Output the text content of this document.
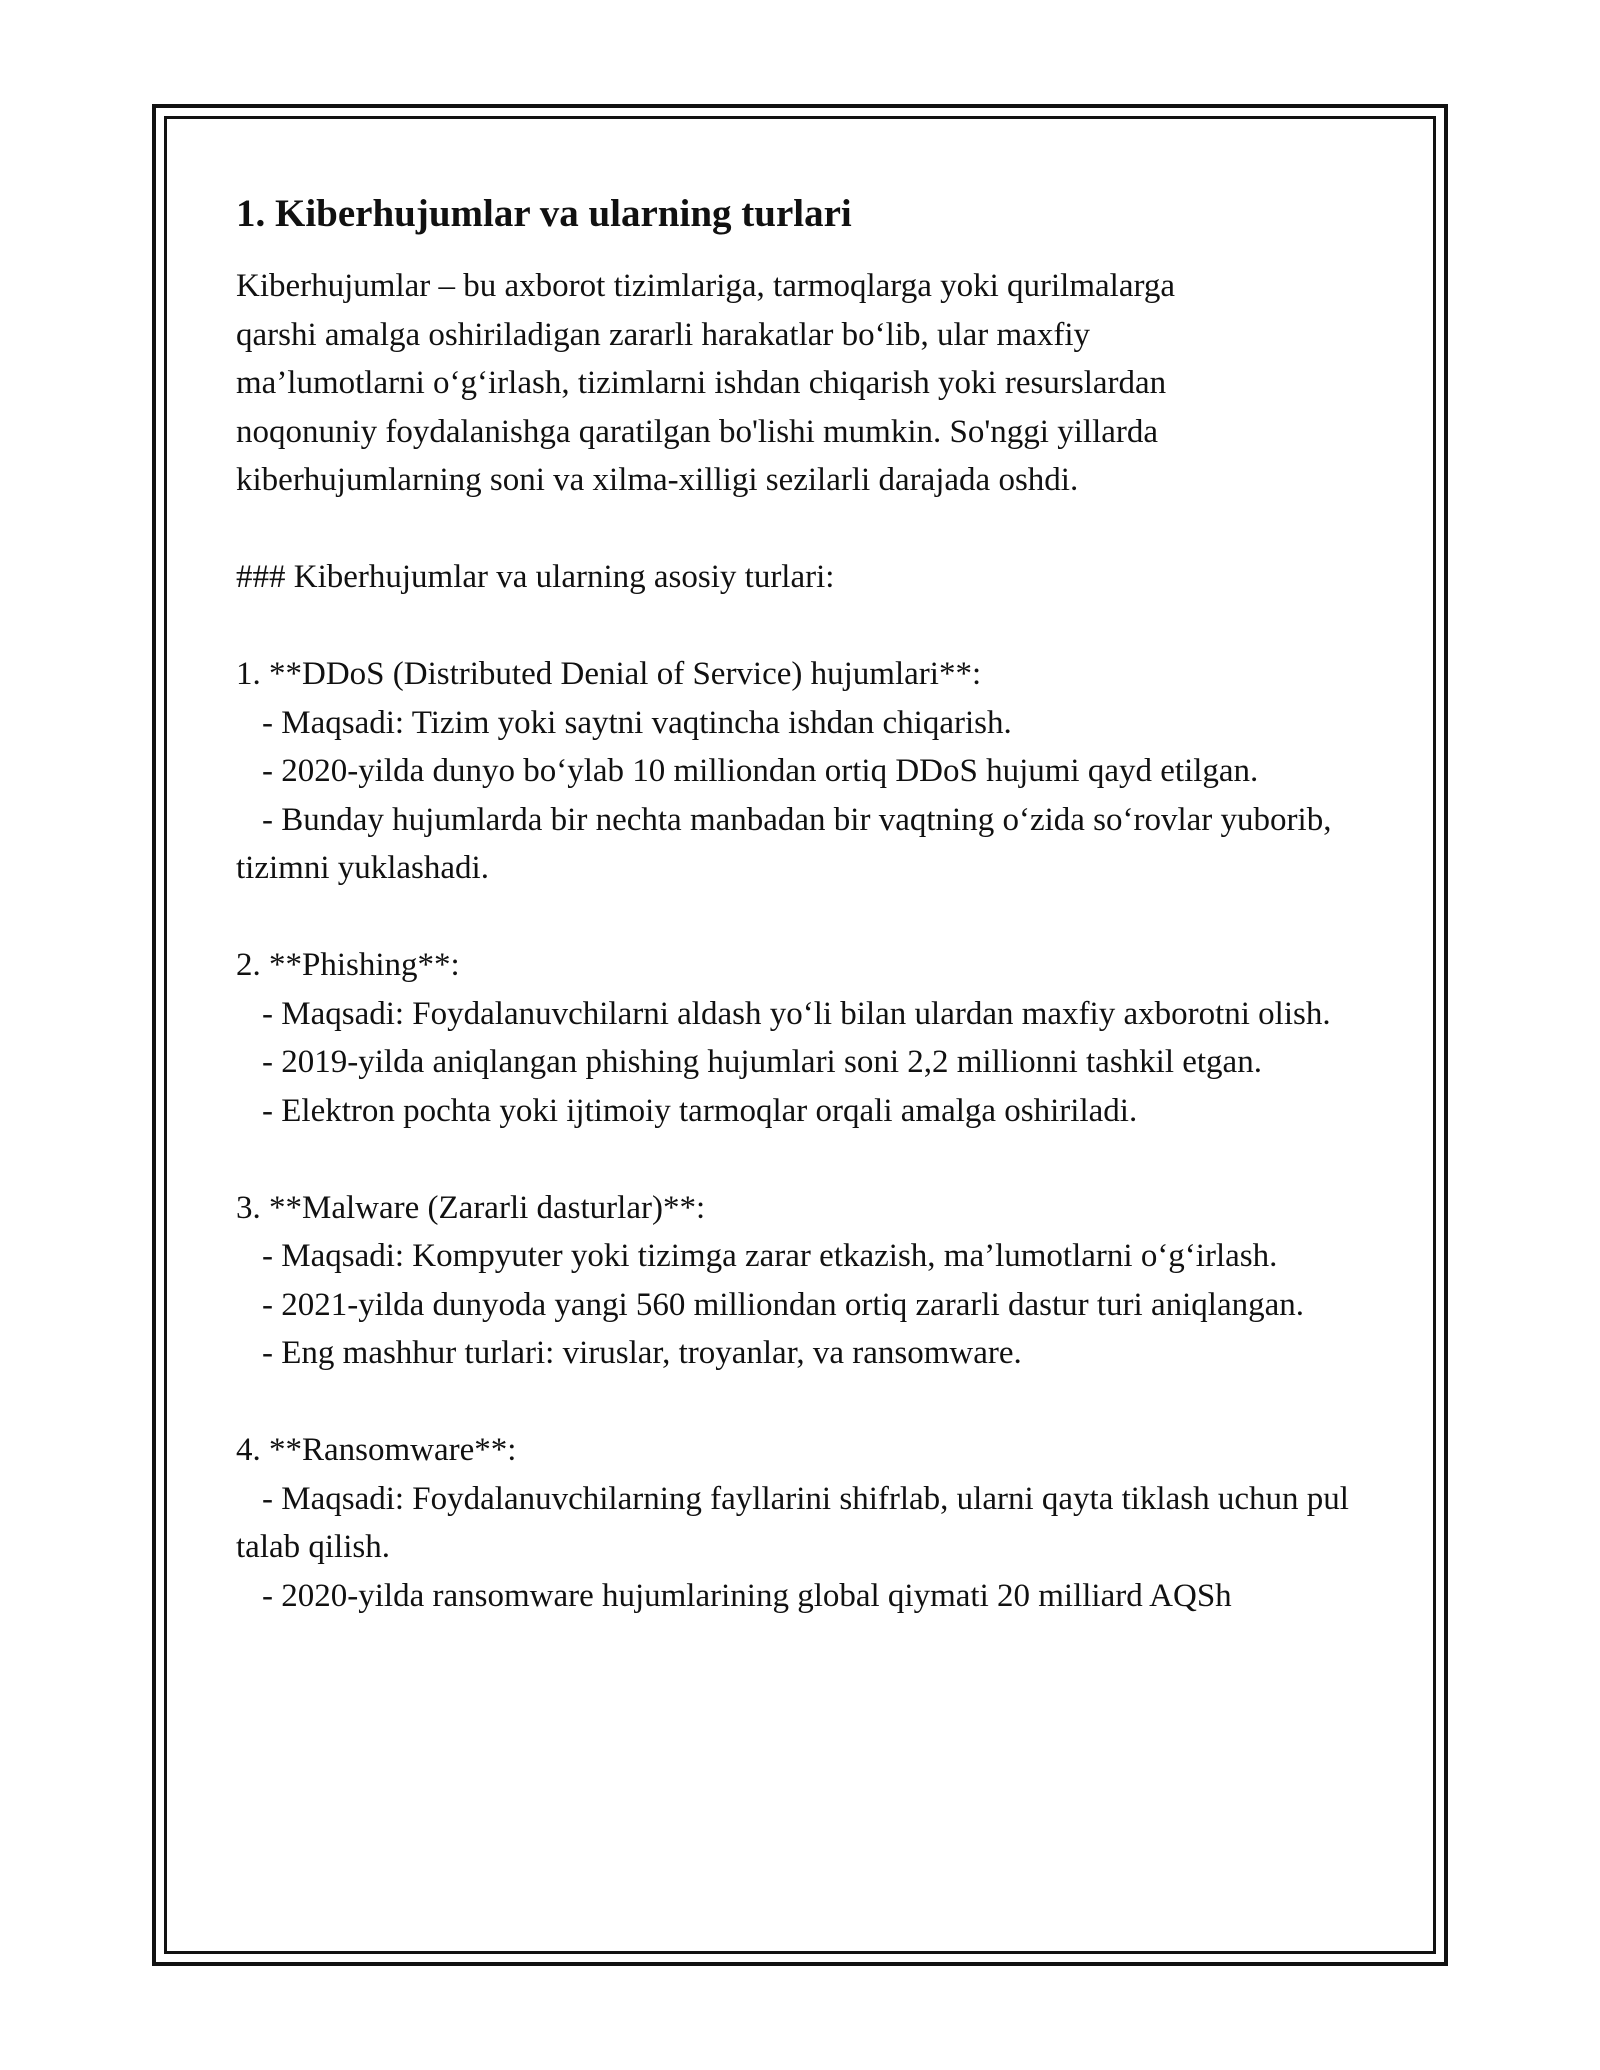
1. Kiberhujumlar va ularning turlari

Kiberhujumlar – bu axborot tizimlariga, tarmoqlarga yoki qurilmalarga
qarshi amalga oshiriladigan zararli harakatlar bo‘lib, ular maxfiy
ma’lumotlarni o‘g‘irlash, tizimlarni ishdan chiqarish yoki resurslardan
noqonuniy foydalanishga qaratilgan bo'lishi mumkin. So'nggi yillarda
kiberhujumlarning soni va xilma-xilligi sezilarli darajada oshdi.

### Kiberhujumlar va ularning asosiy turlari:

1. **DDoS (Distributed Denial of Service) hujumlari**:

- Maqsadi: Tizim yoki saytni vaqtincha ishdan chiqarish.

- 2020-yilda dunyo bo‘ylab 10 milliondan ortiq DDoS hujumi qayd etilgan.

- Bunday hujumlarda bir nechta manbadan bir vaqtning o‘zida so‘rovlar yuborib, tizimni yuklashadi.

2. **Phishing**:

- Maqsadi: Foydalanuvchilarni aldash yo‘li bilan ulardan maxfiy axborotni olish.

- 2019-yilda aniqlangan phishing hujumlari soni 2,2 millionni tashkil etgan.

- Elektron pochta yoki ijtimoiy tarmoqlar orqali amalga oshiriladi.

3. **Malware (Zararli dasturlar)**:

- Maqsadi: Kompyuter yoki tizimga zarar etkazish, ma’lumotlarni o‘g‘irlash.

- 2021-yilda dunyoda yangi 560 milliondan ortiq zararli dastur turi aniqlangan.

- Eng mashhur turlari: viruslar, troyanlar, va ransomware.

4. **Ransomware**:

- Maqsadi: Foydalanuvchilarning fayllarini shifrlab, ularni qayta tiklash uchun pul talab qilish.

- 2020-yilda ransomware hujumlarining global qiymati 20 milliard AQSh
